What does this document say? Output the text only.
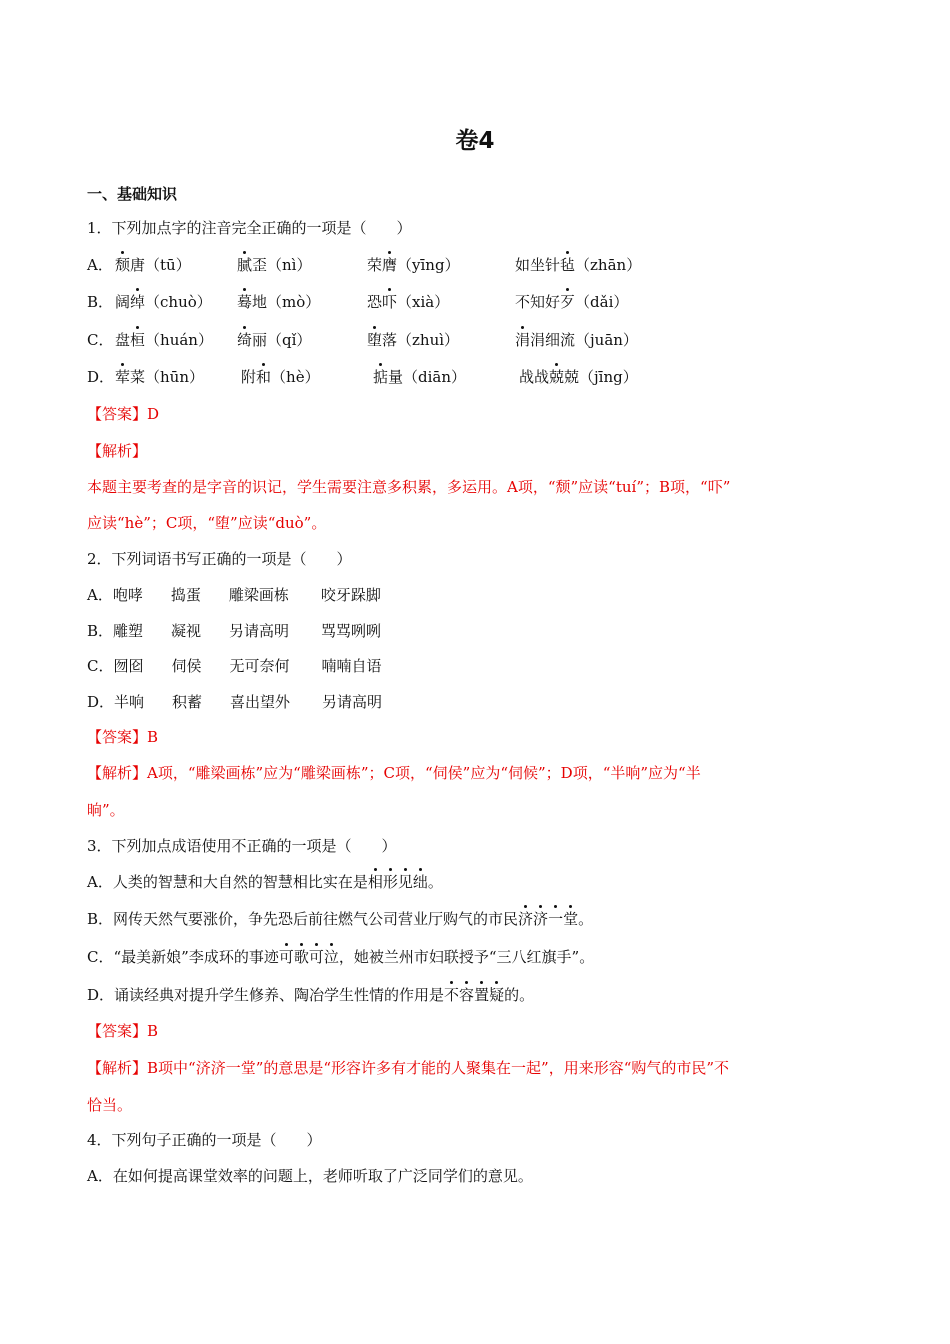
卷4
一、基础知识
1．下列加点字的注音完全正确的一项是（　　）
A． 颓唐（tū）	腻歪（nì）	荣膺（yīng）	如坐针毡（zhān）
B． 阔绰（chuò） 蓦地（mò）	恐吓（xià）	不知好歹（dǎi）
C． 盘桓（huán） 绮丽（qǐ）	堕落（zhuì）	涓涓细流（juān）
D． 荤菜（hūn） 附和（hè）	掂量（diān）	战战兢兢（jīng）
【答案】D
【解析】
本题主要考查的是字音的识记，学生需要注意多积累，多运用。A项，“颓”应读“tuí”；B项，“吓”
应读“hè”；C项，“堕”应读“duò”。
2．下列词语书写正确的一项是（　　）
A．咆哮 捣蛋 雕梁画栋 咬牙跺脚
B．雕塑 凝视 另请高明 骂骂咧咧
C．囫囵 伺侯 无可奈何 喃喃自语
D．半响 积蓄 喜出望外 另请高明
【答案】B
【解析】A项，“雕梁画栋”应为“雕梁画栋”；C项，“伺侯”应为“伺候”；D项，“半响”应为“半
晌”。
3．下列加点成语使用不正确的一项是（　　）
A．人类的智慧和大自然的智慧相比实在是相形见绌。
B．网传天然气要涨价，争先恐后前往燃气公司营业厅购气的市民济济一堂。
C．“最美新娘”李成环的事迹可歌可泣，她被兰州市妇联授予“三八红旗手”。
D．诵读经典对提升学生修养、陶冶学生性情的作用是不容置疑的。
【答案】B
【解析】B项中“济济一堂”的意思是“形容许多有才能的人聚集在一起”，用来形容“购气的市民”不
恰当。
4．下列句子正确的一项是（　　）
A．在如何提高课堂效率的问题上，老师听取了广泛同学们的意见。
